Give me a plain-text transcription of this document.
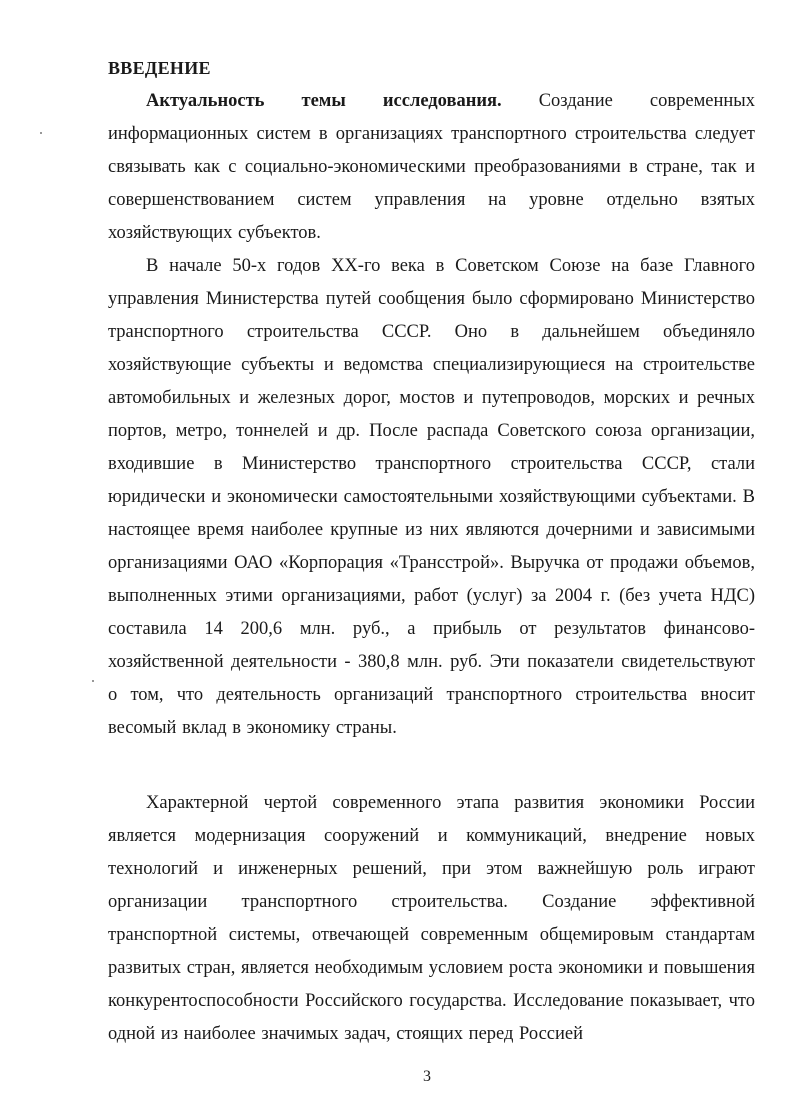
ВВЕДЕНИЕ
Актуальность темы исследования. Создание современных информационных систем в организациях транспортного строительства следует связывать как с социально-экономическими преобразованиями в стране, так и совершенствованием систем управления на уровне отдельно взятых хозяйствующих субъектов.
В начале 50-х годов ХХ-го века в Советском Союзе на базе Главного управления Министерства путей сообщения было сформировано Министерство транспортного строительства СССР. Оно в дальнейшем объединяло хозяйствующие субъекты и ведомства специализирующиеся на строительстве автомобильных и железных дорог, мостов и путепроводов, морских и речных портов, метро, тоннелей и др. После распада Советского союза организации, входившие в Министерство транспортного строительства СССР, стали юридически и экономически самостоятельными хозяйствующими субъектами. В настоящее время наиболее крупные из них являются дочерними и зависимыми организациями ОАО «Корпорация «Трансстрой». Выручка от продажи объемов, выполненных этими организациями, работ (услуг) за 2004 г. (без учета НДС) составила 14 200,6 млн. руб., а прибыль от результатов финансово-хозяйственной деятельности - 380,8 млн. руб. Эти показатели свидетельствуют о том, что деятельность организаций транспортного строительства вносит весомый вклад в экономику страны.
Характерной чертой современного этапа развития экономики России является модернизация сооружений и коммуникаций, внедрение новых технологий и инженерных решений, при этом важнейшую роль играют организации транспортного строительства. Создание эффективной транспортной системы, отвечающей современным общемировым стандартам развитых стран, является необходимым условием роста экономики и повышения конкурентоспособности Российского государства. Исследование показывает, что одной из наиболее значимых задач, стоящих перед Россией
3
